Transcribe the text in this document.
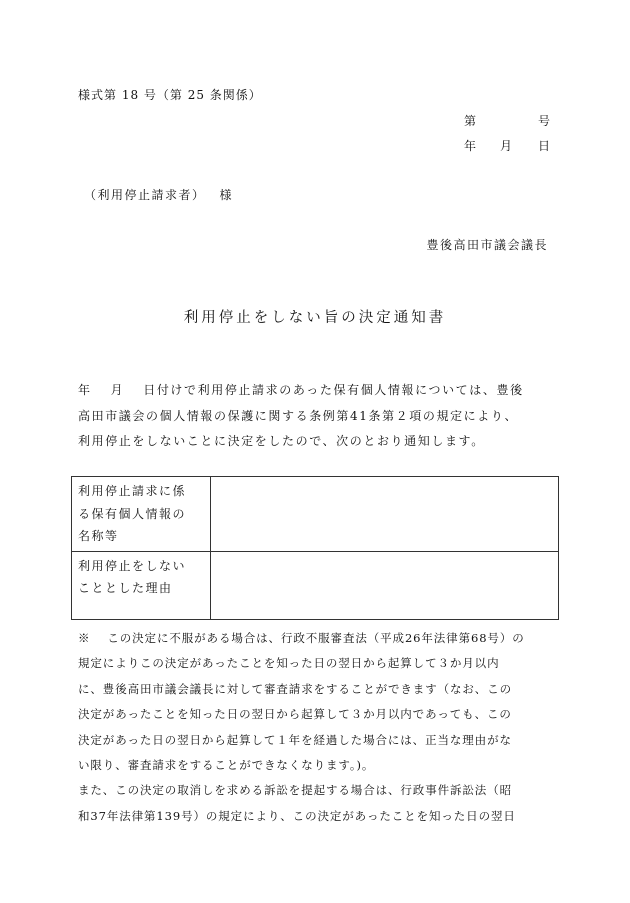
様式第 18 号（第 25 条関係）
第	号
年 月 日
（利用停止請求者） 様
豊後高田市議会議長
利用停止をしない旨の決定通知書
年　 月　 日付けで利用停止請求のあった保有個人情報については、豊後
高田市議会の個人情報の保護に関する条例第41条第２項の規定により、
利用停止をしないことに決定をしたので、次のとおり通知します。
利用停止請求に係
る保有個人情報の
名称等	

利用停止をしない
こととした理由	

※　 この決定に不服がある場合は、行政不服審査法（平成26年法律第68号）の
規定によりこの決定があったことを知った日の翌日から起算して３か月以内
に、豊後高田市議会議長に対して審査請求をすることができます（なお、この
決定があったことを知った日の翌日から起算して３か月以内であっても、この
決定があった日の翌日から起算して１年を経過した場合には、正当な理由がな
い限り、審査請求をすることができなくなります。)。
また、この決定の取消しを求める訴訟を提起する場合は、行政事件訴訟法（昭
和37年法律第139号）の規定により、この決定があったことを知った日の翌日
